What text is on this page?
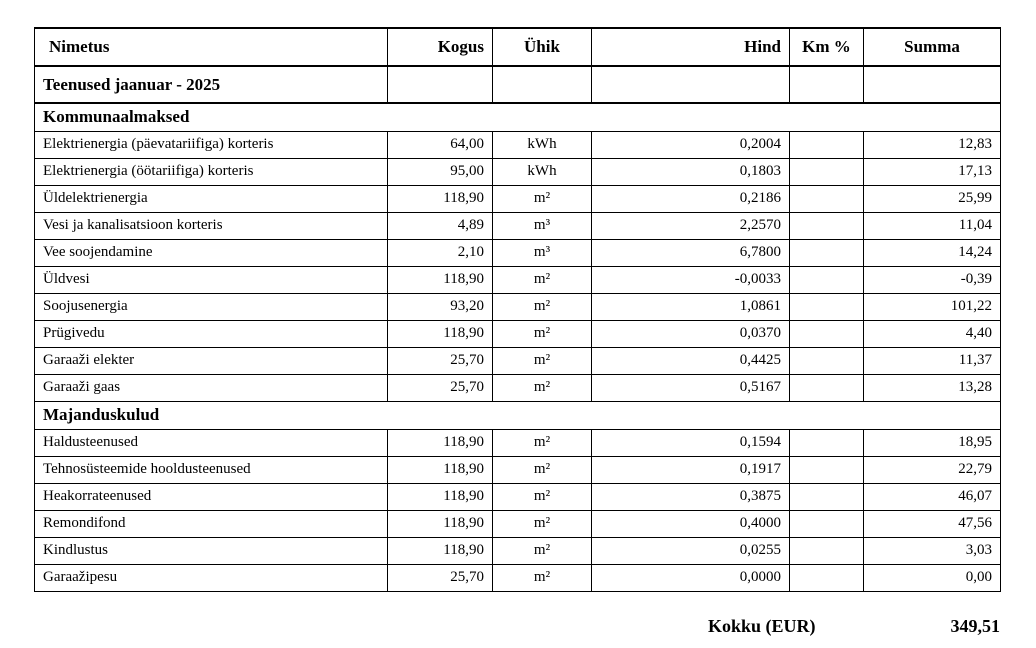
Nimetus	Kogus	Ühik	Hind	Km %	Summa
Teenused jaanuar - 2025					
Kommunaalmaksed					
Elektrienergia (päevatariifiga) korteris	64,00	kWh	0,2004		12,83
Elektrienergia (öötariifiga) korteris	95,00	kWh	0,1803		17,13
Üldelektrienergia	118,90	m²	0,2186		25,99
Vesi ja kanalisatsioon korteris	4,89	m³	2,2570		11,04
Vee soojendamine	2,10	m³	6,7800		14,24
Üldvesi	118,90	m²	-0,0033		-0,39
Soojusenergia	93,20	m²	1,0861		101,22
Prügivedu	118,90	m²	0,0370		4,40
Garaaži elekter	25,70	m²	0,4425		11,37
Garaaži gaas	25,70	m²	0,5167		13,28
Majanduskulud					
Haldusteenused	118,90	m²	0,1594		18,95
Tehnosüsteemide hooldusteenused	118,90	m²	0,1917		22,79
Heakorrateenused	118,90	m²	0,3875		46,07
Remondifond	118,90	m²	0,4000		47,56
Kindlustus	118,90	m²	0,0255		3,03
Garaažipesu	25,70	m²	0,0000		0,00
Kokku (EUR)	349,51
